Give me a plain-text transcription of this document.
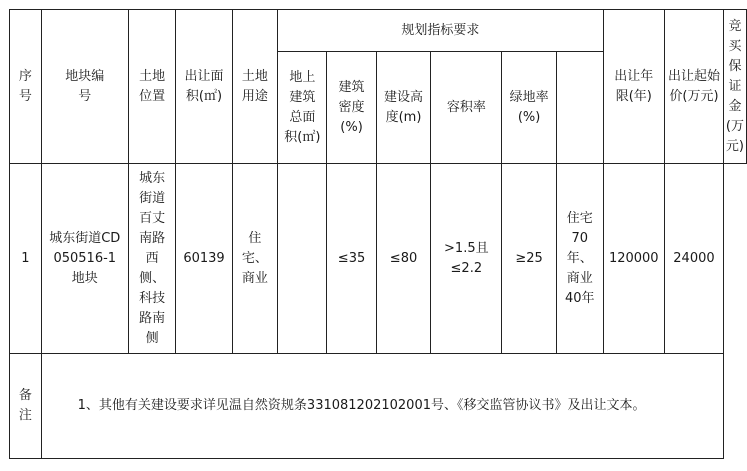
序号	地块编号	土地位置	出让面积(㎡)	土地用途	规划指标要求						出让年限(年)	出让起始价(万元)	竞买保证金(万元)
					地上建筑总面积(㎡)	建筑密度(%)	建设高度(m)	容积率	绿地率(%)				
1	城东街道CD050516-1地块	城东街道百丈南路西侧、科技路南侧	60139	住宅、商业		≤35	≤80	>1.5且≤2.2	≥25	住宅70年、商业40年	120000	24000	
备注	1、其他有关建设要求详见温自然资规条331081202102001号、《移交监管协议书》及出让文本。												
